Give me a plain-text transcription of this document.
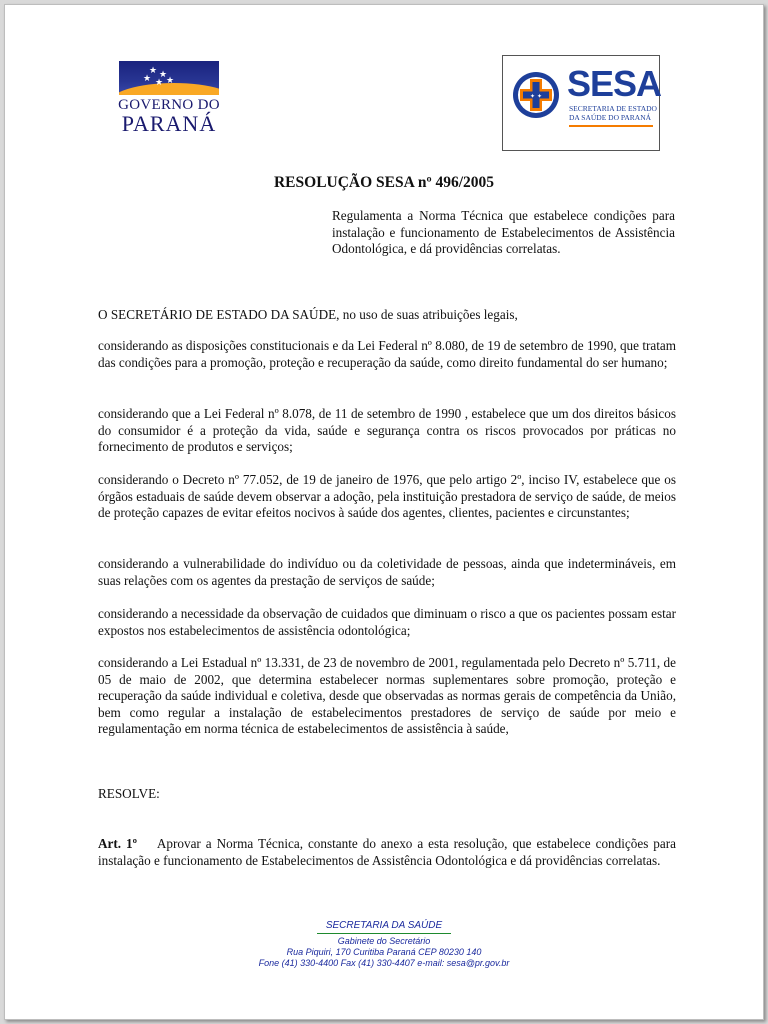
★ ★
★ ★ ★
GOVERNO DO
PARANÁ
✦ ✦ SESA
SECRETARIA DE ESTADO DA SAÚDE DO PARANÁ
RESOLUÇÃO SESA nº 496/2005
Regulamenta a Norma Técnica que estabelece condições para instalação e funcionamento de Estabelecimentos de Assistência Odontológica, e dá providências correlatas.
O SECRETÁRIO DE ESTADO DA SAÚDE, no uso de suas atribuições legais,
considerando as disposições constitucionais e da Lei Federal nº 8.080, de 19 de setembro de 1990, que tratam das condições para a promoção, proteção e recuperação da saúde, como direito fundamental do ser humano;
considerando que a Lei Federal nº 8.078, de 11 de setembro de 1990 , estabelece que um dos direitos básicos do consumidor é a proteção da vida, saúde e segurança contra os riscos provocados por práticas no fornecimento de produtos e serviços;
considerando o Decreto nº 77.052, de 19 de janeiro de 1976, que pelo artigo 2º, inciso IV, estabelece que os órgãos estaduais de saúde devem observar a adoção, pela instituição prestadora de serviço de saúde, de meios de proteção capazes de evitar efeitos nocivos à saúde dos agentes, clientes, pacientes e circunstantes;
considerando a vulnerabilidade do indivíduo ou da coletividade de pessoas, ainda que indetermináveis, em suas relações com os agentes da prestação de serviços de saúde;
considerando a necessidade da observação de cuidados que diminuam o risco a que os pacientes possam estar expostos nos estabelecimentos de assistência odontológica;
considerando a Lei Estadual nº 13.331, de 23 de novembro de 2001, regulamentada pelo Decreto nº 5.711, de 05 de maio de 2002, que determina estabelecer normas suplementares sobre promoção, proteção e recuperação da saúde individual e coletiva, desde que observadas as normas gerais de competência da União, bem como regular a instalação de estabelecimentos prestadores de serviço de saúde por meio e regulamentação em norma técnica de estabelecimentos de assistência à saúde,
RESOLVE:
Art. 1º Aprovar a Norma Técnica, constante do anexo a esta resolução, que estabelece condições para instalação e funcionamento de Estabelecimentos de Assistência Odontológica e dá providências correlatas.
SECRETARIA DA SAÚDE
Gabinete do Secretário
Rua Piquiri, 170 Curitiba Paraná CEP 80230 140
Fone (41) 330-4400 Fax (41) 330-4407 e-mail: sesa@pr.gov.br
